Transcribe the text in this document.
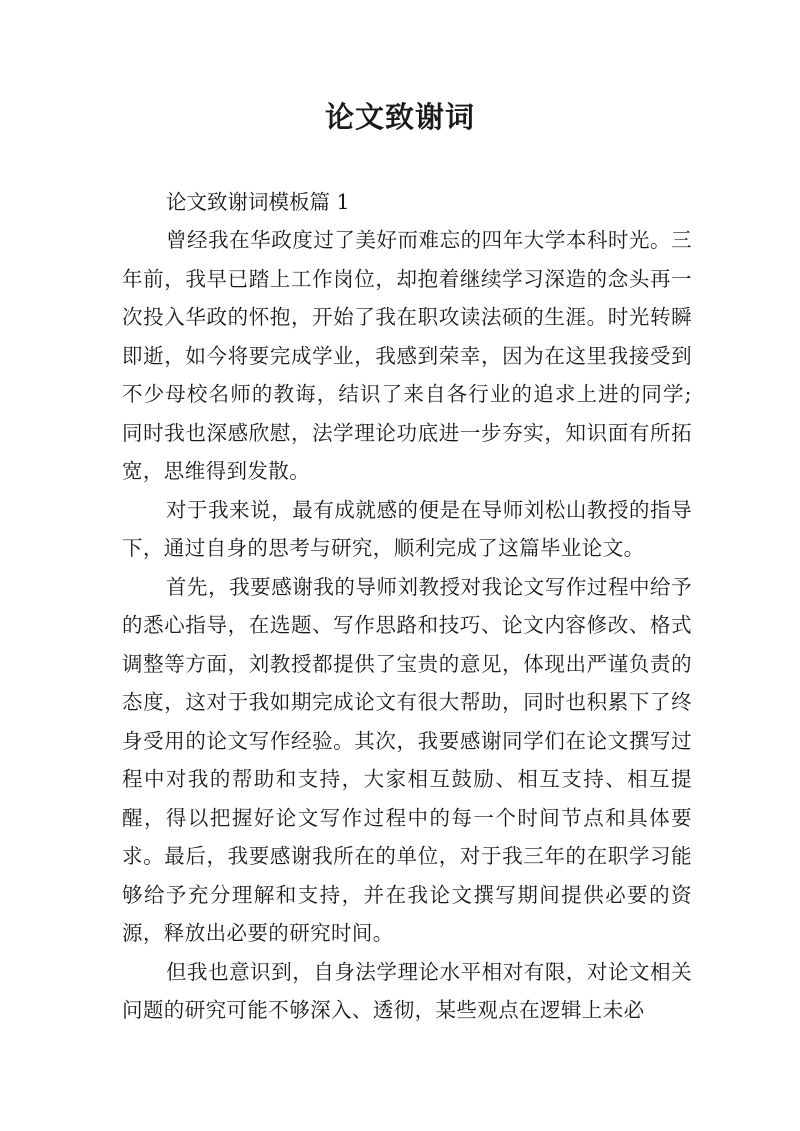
论文致谢词

论文致谢词模板篇 1

曾经我在华政度过了美好而难忘的四年大学本科时光。三年前，我早已踏上工作岗位，却抱着继续学习深造的念头再一次投入华政的怀抱，开始了我在职攻读法硕的生涯。时光转瞬即逝，如今将要完成学业，我感到荣幸，因为在这里我接受到不少母校名师的教诲，结识了来自各行业的追求上进的同学;同时我也深感欣慰，法学理论功底进一步夯实，知识面有所拓宽，思维得到发散。

对于我来说，最有成就感的便是在导师刘松山教授的指导下，通过自身的思考与研究，顺利完成了这篇毕业论文。

首先，我要感谢我的导师刘教授对我论文写作过程中给予的悉心指导，在选题、写作思路和技巧、论文内容修改、格式调整等方面，刘教授都提供了宝贵的意见，体现出严谨负责的态度，这对于我如期完成论文有很大帮助，同时也积累下了终身受用的论文写作经验。其次，我要感谢同学们在论文撰写过程中对我的帮助和支持，大家相互鼓励、相互支持、相互提醒，得以把握好论文写作过程中的每一个时间节点和具体要求。最后，我要感谢我所在的单位，对于我三年的在职学习能够给予充分理解和支持，并在我论文撰写期间提供必要的资源，释放出必要的研究时间。

但我也意识到，自身法学理论水平相对有限，对论文相关问题的研究可能不够深入、透彻，某些观点在逻辑上未必
